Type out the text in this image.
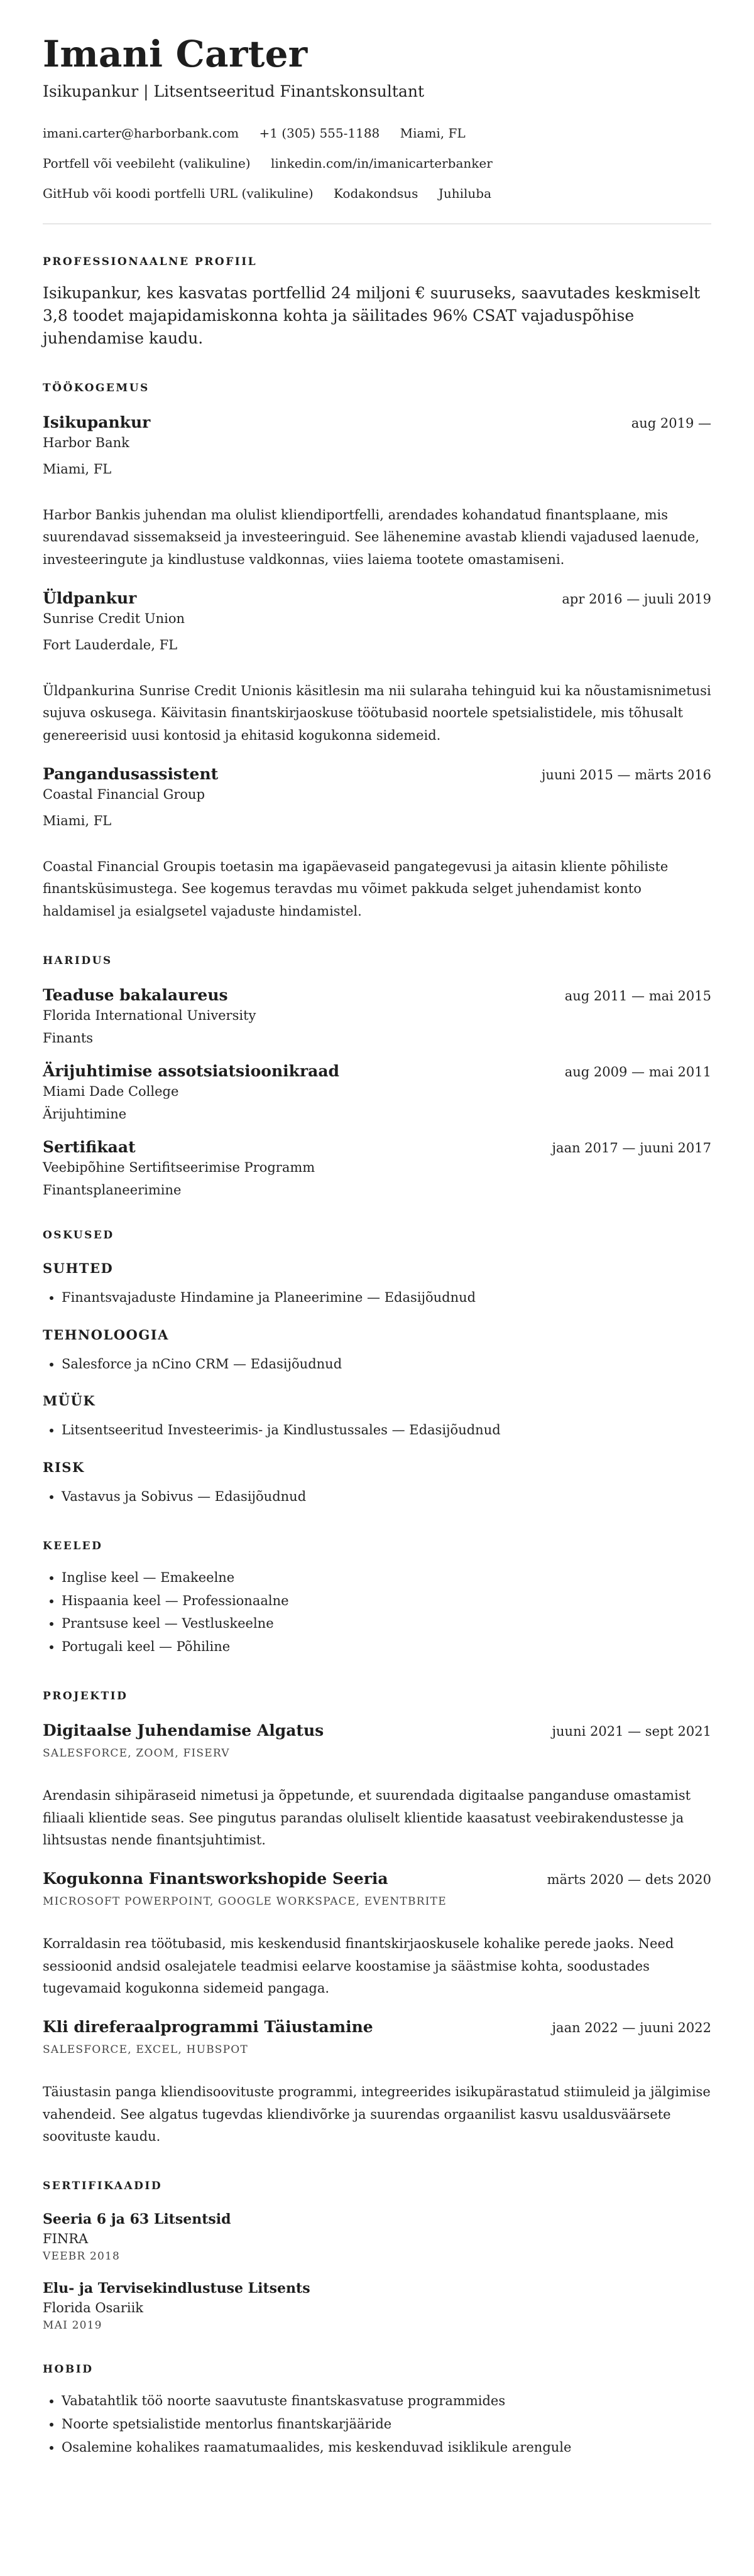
Imani Carter
Isikupankur | Litsentseeritud Finantskonsultant
imani.carter@harborbank.com +1 (305) 555-1188 Miami, FL
Portfell või veebileht (valikuline) linkedin.com/in/imanicarterbanker
GitHub või koodi portfelli URL (valikuline) Kodakondsus Juhiluba
PROFESSIONAALNE PROFIIL
Isikupankur, kes kasvatas portfellid 24 miljoni € suuruseks, saavutades keskmiselt 3,8 toodet majapidamiskonna kohta ja säilitades 96% CSAT vajaduspõhise juhendamise kaudu.
TÖÖKOGEMUS
Isikupankur	aug 2019 —
Harbor Bank
Miami, FL
Harbor Bankis juhendan ma olulist kliendiportfelli, arendades kohandatud finantsplaane, mis suurendavad sissemakseid ja investeeringuid. See lähenemine avastab kliendi vajadused laenude, investeeringute ja kindlustuse valdkonnas, viies laiema tootete omastamiseni.
Üldpankur	apr 2016 — juuli 2019
Sunrise Credit Union
Fort Lauderdale, FL
Üldpankurina Sunrise Credit Unionis käsitlesin ma nii sularaha tehinguid kui ka nõustamisnimetusi sujuva oskusega. Käivitasin finantskirjaoskuse töötubasid noortele spetsialistidele, mis tõhusalt genereerisid uusi kontosid ja ehitasid kogukonna sidemeid.
Pangandusassistent	juuni 2015 — märts 2016
Coastal Financial Group
Miami, FL
Coastal Financial Groupis toetasin ma igapäevaseid pangategevusi ja aitasin kliente põhiliste finantsküsimustega. See kogemus teravdas mu võimet pakkuda selget juhendamist konto haldamisel ja esialgsetel vajaduste hindamistel.
HARIDUS
Teaduse bakalaureus	aug 2011 — mai 2015
Florida International University
Finants
Ärijuhtimise assotsiatsioonikraad	aug 2009 — mai 2011
Miami Dade College
Ärijuhtimine
Sertifikaat	jaan 2017 — juuni 2017
Veebipõhine Sertifitseerimise Programm
Finantsplaneerimine
OSKUSED
SUHTED
• Finantsvajaduste Hindamine ja Planeerimine — Edasijõudnud
TEHNOLOOGIA
• Salesforce ja nCino CRM — Edasijõudnud
MÜÜK
• Litsentseeritud Investeerimis- ja Kindlustussales — Edasijõudnud
RISK
• Vastavus ja Sobivus — Edasijõudnud
KEELED
• Inglise keel — Emakeelne
• Hispaania keel — Professionaalne
• Prantsuse keel — Vestluskeelne
• Portugali keel — Põhiline
PROJEKTID
Digitaalse Juhendamise Algatus	juuni 2021 — sept 2021
SALESFORCE, ZOOM, FISERV
Arendasin sihipäraseid nimetusi ja õppetunde, et suurendada digitaalse panganduse omastamist filiaali klientide seas. See pingutus parandas oluliselt klientide kaasatust veebirakendustesse ja lihtsustas nende finantsjuhtimist.
Kogukonna Finantsworkshopide Seeria	märts 2020 — dets 2020
MICROSOFT POWERPOINT, GOOGLE WORKSPACE, EVENTBRITE
Korraldasin rea töötubasid, mis keskendusid finantskirjaoskusele kohalike perede jaoks. Need sessioonid andsid osalejatele teadmisi eelarve koostamise ja säästmise kohta, soodustades tugevamaid kogukonna sidemeid pangaga.
Kli direferaalprogrammi Täiustamine	jaan 2022 — juuni 2022
SALESFORCE, EXCEL, HUBSPOT
Täiustasin panga kliendisoovituste programmi, integreerides isikupärastatud stiimuleid ja jälgimise vahendeid. See algatus tugevdas kliendivõrke ja suurendas orgaanilist kasvu usaldusväärsete soovituste kaudu.
SERTIFIKAADID
Seeria 6 ja 63 Litsentsid
FINRA
VEEBR 2018
Elu- ja Tervisekindlustuse Litsents
Florida Osariik
MAI 2019
HOBID
• Vabatahtlik töö noorte saavutuste finantskasvatuse programmides
• Noorte spetsialistide mentorlus finantskarjääride
• Osalemine kohalikes raamatumaalides, mis keskenduvad isiklikule arengule
